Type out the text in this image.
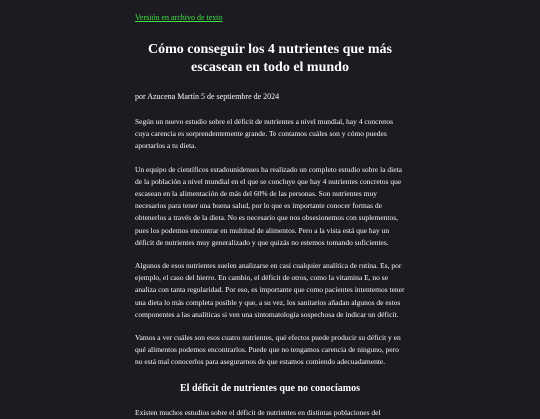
Versión en archivo de texto
Cómo conseguir los 4 nutrientes que más escasean en todo el mundo
por Azucena Martín 5 de septiembre de 2024

Según un nuevo estudio sobre el déficit de nutrientes a nivel mundial, hay 4 concretos cuya carencia es sorprendentemente grande. Te contamos cuáles son y cómo puedes aportarlos a tu dieta.

Un equipo de científicos estadounidenses ha realizado un completo estudio sobre la dieta de la población a nivel mundial en el que se concluye que hay 4 nutrientes concretos que escasean en la alimentación de más del 60% de las personas. Son nutrientes muy necesarios para tener una buena salud, por lo que es importante conocer formas de obtenerlos a través de la dieta. No es necesario que nos obsesionemos con suplementos, pues los podemos encontrar en multitud de alimentos. Pero a la vista está que hay un déficit de nutrientes muy generalizado y que quizás no estemos tomando suficientes.

Algunos de esos nutrientes suelen analizarse en casi cualquier analítica de rutina. Es, por ejemplo, el caso del hierro. En cambio, el déficit de otros, como la vitamina E, no se analiza con tanta regularidad. Por eso, es importante que como pacientes intentemos tener una dieta lo más completa posible y que, a su vez, los sanitarios añadan algunos de estos componentes a las analíticas si ven una sintomatología sospechosa de indicar un déficit.

Vamos a ver cuáles son esos cuatro nutrientes, qué efectos puede producir su déficit y en qué alimentos podemos encontrarlos. Puede que no tengamos carencia de ninguno, pero no está mal conocerlos para asegurarnos de que estamos comiendo adecuadamente.

El déficit de nutrientes que no conocíamos

Existen muchos estudios sobre el déficit de nutrientes en distintas poblaciones del
